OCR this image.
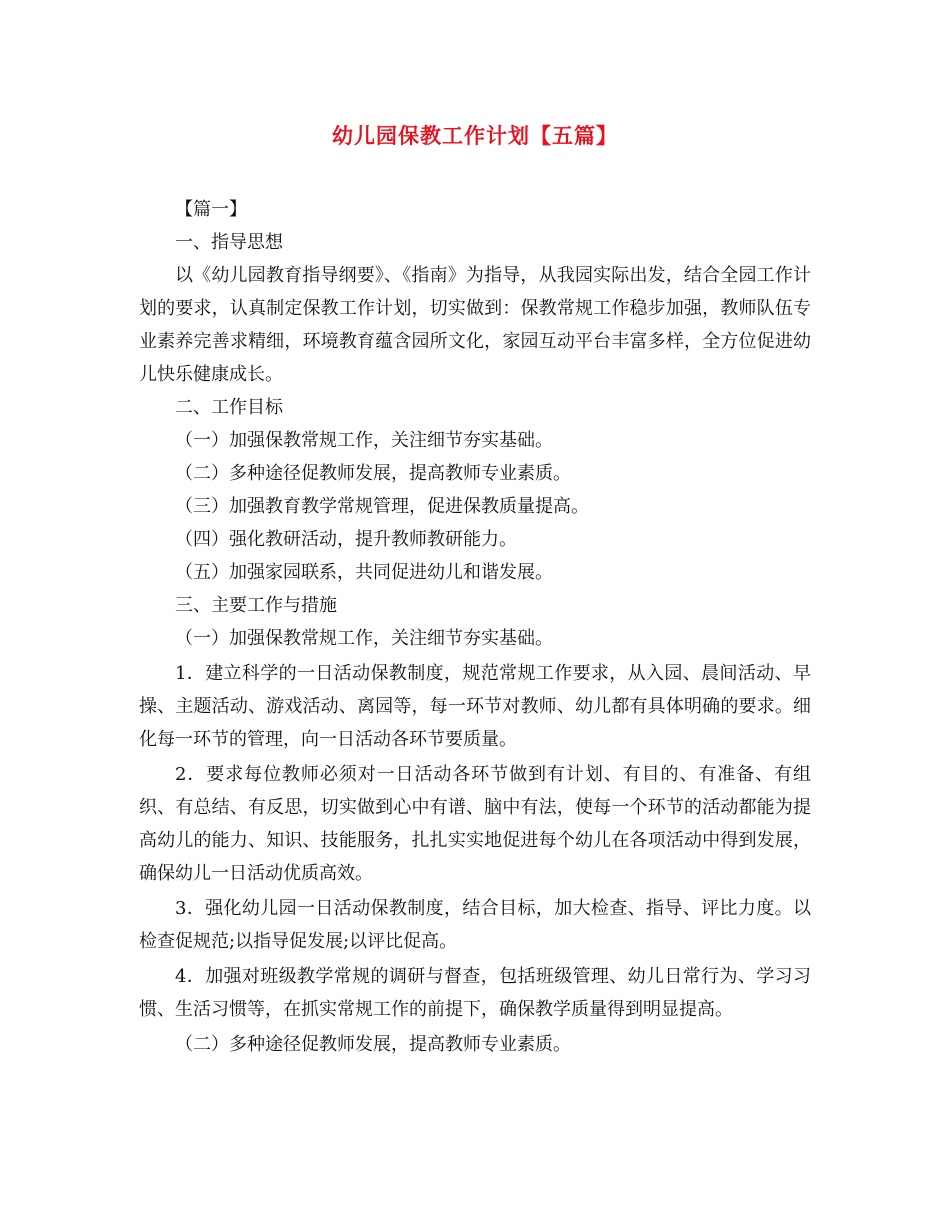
幼儿园保教工作计划【五篇】

【篇一】

一、指导思想

以《幼儿园教育指导纲要》、《指南》为指导，从我园实际出发，结合全园工作计划的要求，认真制定保教工作计划，切实做到：保教常规工作稳步加强，教师队伍专业素养完善求精细，环境教育蕴含园所文化，家园互动平台丰富多样，全方位促进幼儿快乐健康成长。

二、工作目标

（一）加强保教常规工作，关注细节夯实基础。

（二）多种途径促教师发展，提高教师专业素质。

（三）加强教育教学常规管理，促进保教质量提高。

（四）强化教研活动，提升教师教研能力。

（五）加强家园联系，共同促进幼儿和谐发展。

三、主要工作与措施

（一）加强保教常规工作，关注细节夯实基础。

1．建立科学的一日活动保教制度，规范常规工作要求，从入园、晨间活动、早操、主题活动、游戏活动、离园等，每一环节对教师、幼儿都有具体明确的要求。细化每一环节的管理，向一日活动各环节要质量。

2．要求每位教师必须对一日活动各环节做到有计划、有目的、有准备、有组织、有总结、有反思，切实做到心中有谱、脑中有法，使每一个环节的活动都能为提高幼儿的能力、知识、技能服务，扎扎实实地促进每个幼儿在各项活动中得到发展，确保幼儿一日活动优质高效。

3．强化幼儿园一日活动保教制度，结合目标，加大检查、指导、评比力度。以检查促规范;以指导促发展;以评比促高。

4．加强对班级教学常规的调研与督查，包括班级管理、幼儿日常行为、学习习惯、生活习惯等，在抓实常规工作的前提下，确保教学质量得到明显提高。

（二）多种途径促教师发展，提高教师专业素质。
